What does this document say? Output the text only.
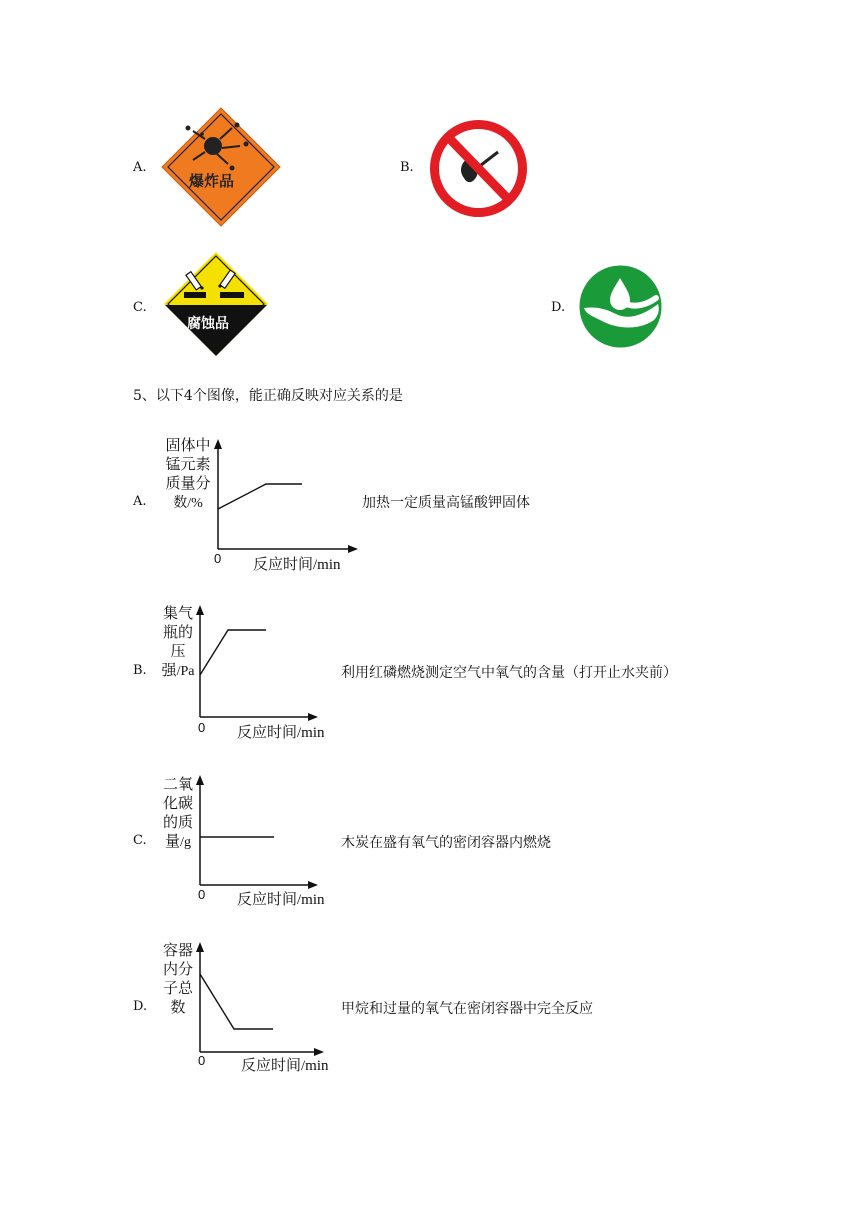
A.
爆炸品
B.
C.
腐蚀品
D.
5、以下4个图像，能正确反映对应关系的是
A.
固体中锰元素质量分数/%
0 反应时间/min
加热一定质量高锰酸钾固体
B.
集气瓶的压强/Pa
0 反应时间/min
利用红磷燃烧测定空气中氧气的含量（打开止水夹前）
C.
二氧化碳的质量/g
0 反应时间/min
木炭在盛有氧气的密闭容器内燃烧
D.
容器内分子总数
0 反应时间/min
甲烷和过量的氧气在密闭容器中完全反应
